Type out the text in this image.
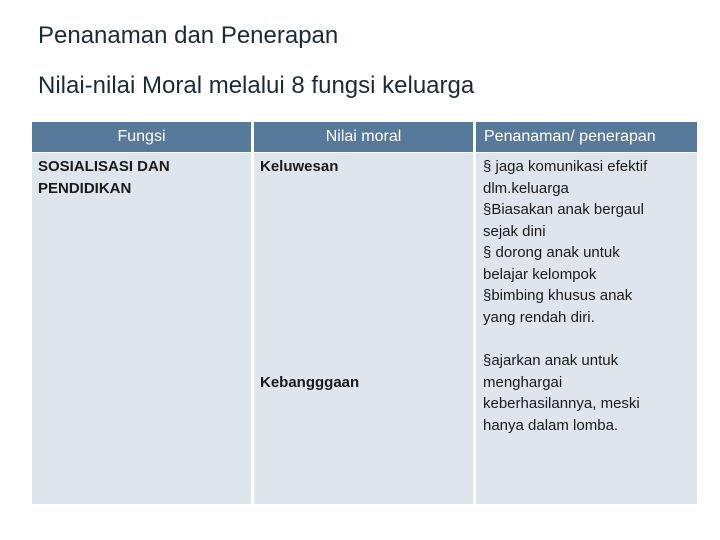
Penanaman dan Penerapan
Nilai-nilai Moral melalui 8 fungsi keluarga
Fungsi	Nilai moral	Penanaman/ penerapan
SOSIALISASI DAN
PENDIDIKAN
Keluwesan
Kebangggaan
§ jaga komunikasi efektif
dlm.keluarga
§Biasakan anak bergaul
sejak dini
§ dorong anak untuk
belajar kelompok
§bimbing khusus anak
yang rendah diri.
§ajarkan anak untuk
menghargai
keberhasilannya, meski
hanya dalam lomba.
